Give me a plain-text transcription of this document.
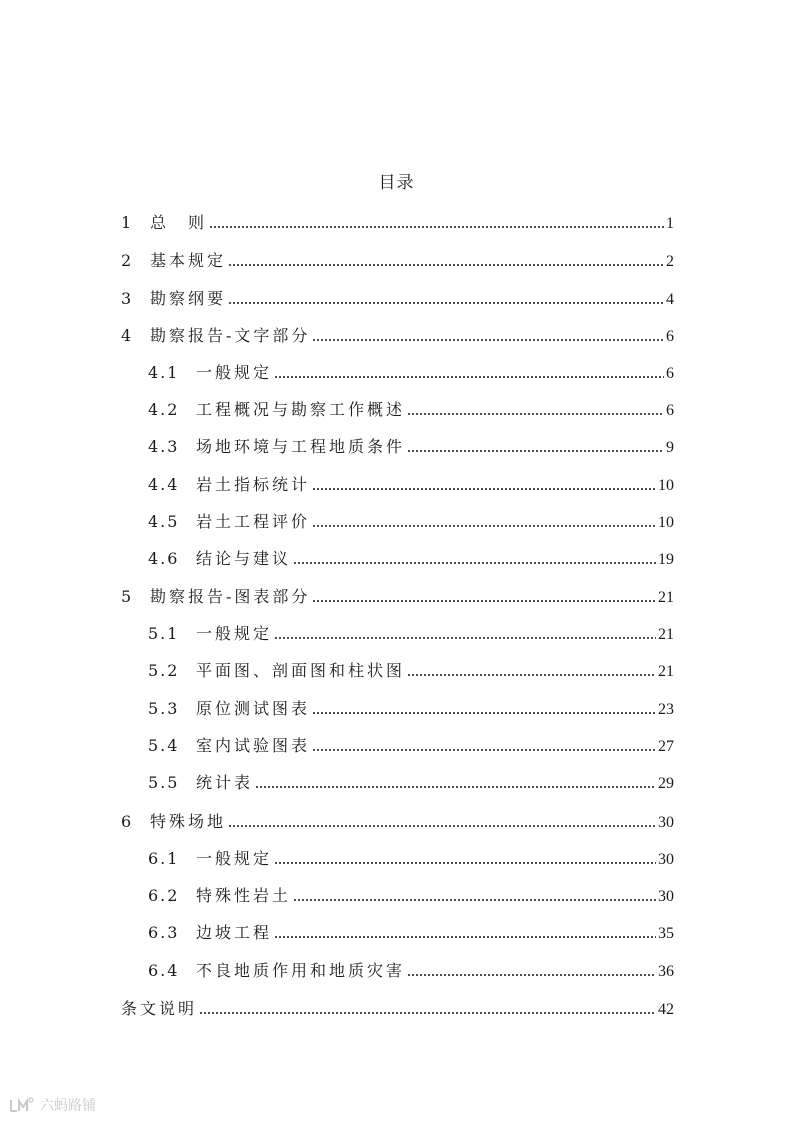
目录
1	总　则	1
2	基本规定	2
3	勘察纲要	4
4	勘察报告-文字部分	6
4.1	一般规定	6
4.2	工程概况与勘察工作概述	6
4.3	场地环境与工程地质条件	9
4.4	岩土指标统计	10
4.5	岩土工程评价	10
4.6	结论与建议	19
5	勘察报告-图表部分	21
5.1	一般规定	21
5.2	平面图、剖面图和柱状图	21
5.3	原位测试图表	23
5.4	室内试验图表	27
5.5	统计表	29
6	特殊场地	30
6.1	一般规定	30
6.2	特殊性岩土	30
6.3	边坡工程	35
6.4	不良地质作用和地质灾害	36
条文说明	42
六蚂路铺
